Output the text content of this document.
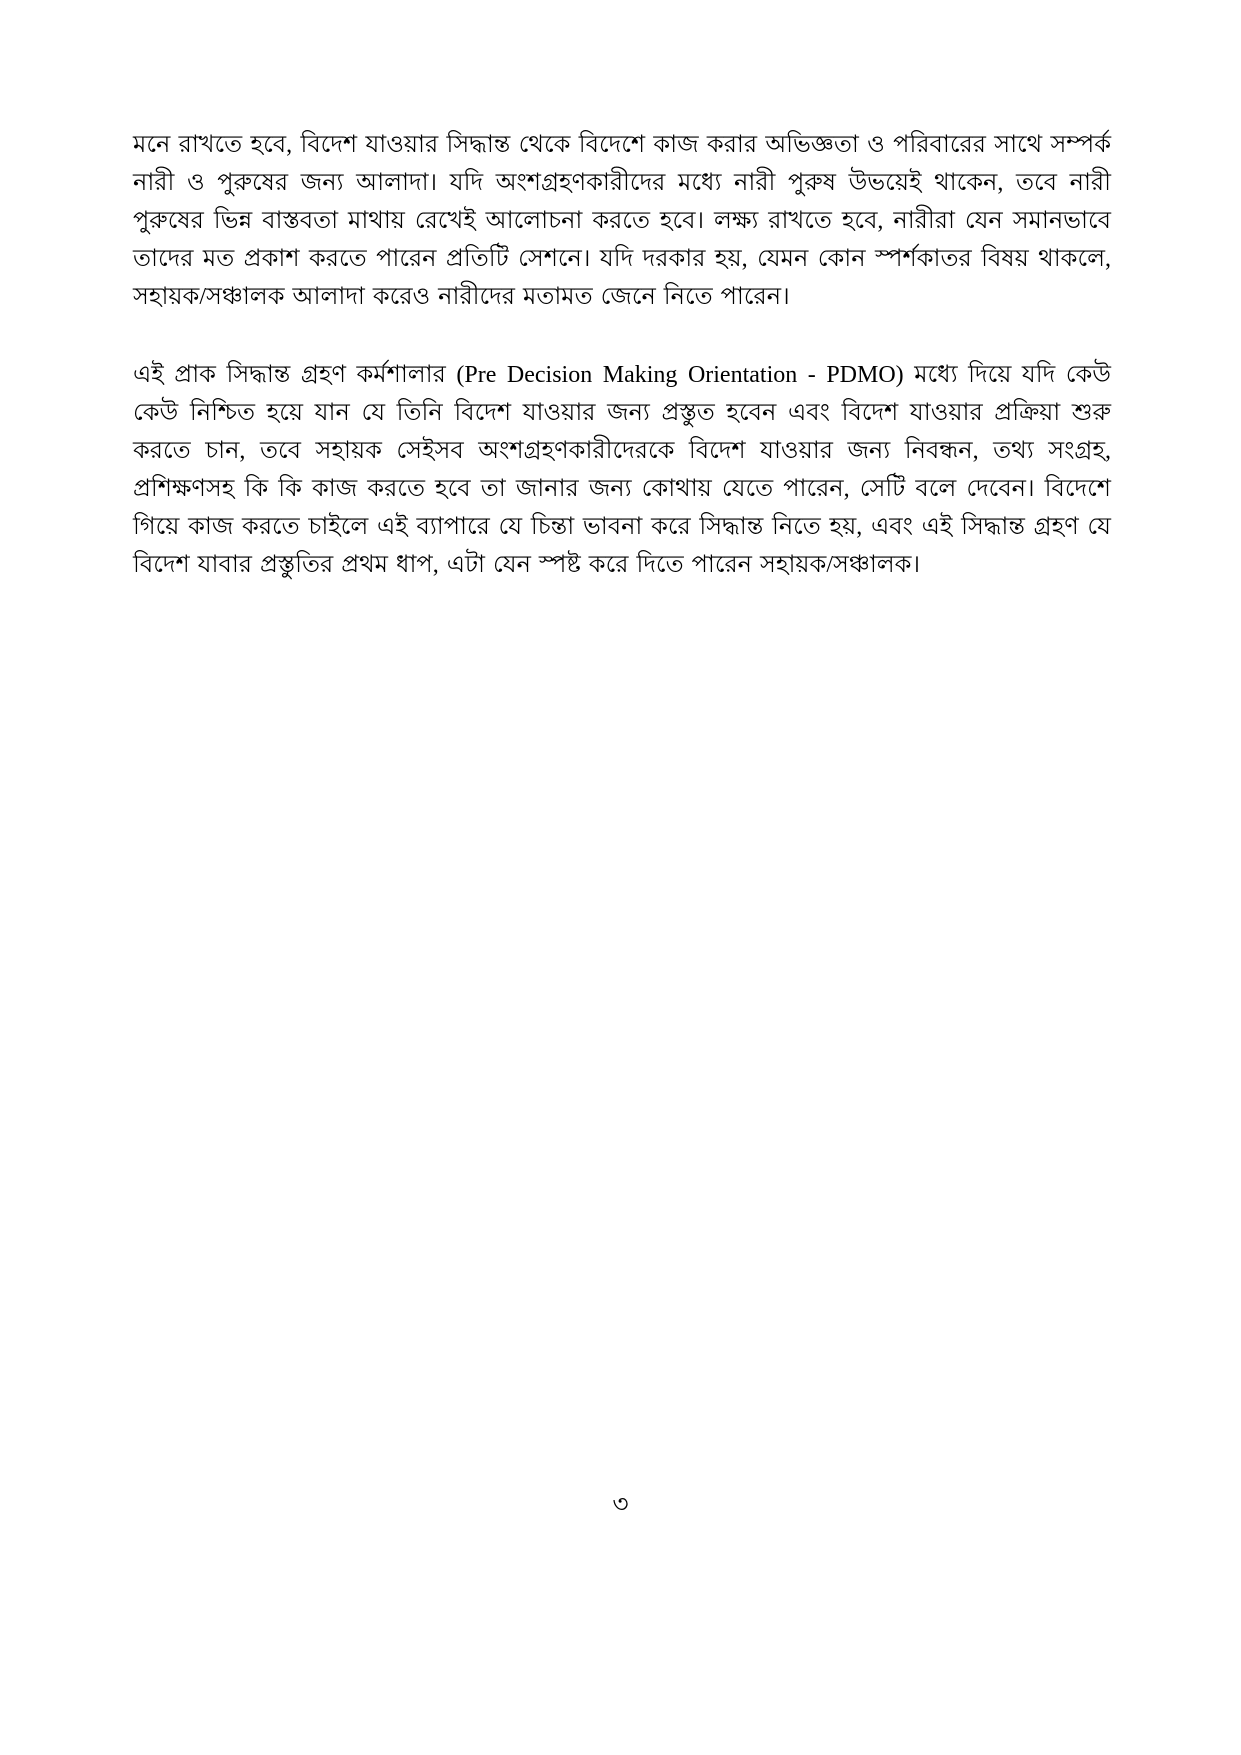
মনে রাখতে হবে, বিদেশ যাওয়ার সিদ্ধান্ত থেকে বিদেশে কাজ করার অভিজ্ঞতা ও পরিবারের সাথে সম্পর্ক নারী ও পুরুষের জন্য আলাদা। যদি অংশগ্রহণকারীদের মধ্যে নারী পুরুষ উভয়েই থাকেন, তবে নারী পুরুষের ভিন্ন বাস্তবতা মাথায় রেখেই আলোচনা করতে হবে। লক্ষ্য রাখতে হবে, নারীরা যেন সমানভাবে তাদের মত প্রকাশ করতে পারেন প্রতিটি সেশনে। যদি দরকার হয়, যেমন কোন স্পর্শকাতর বিষয় থাকলে, সহায়ক/সঞ্চালক আলাদা করেও নারীদের মতামত জেনে নিতে পারেন।

এই প্রাক সিদ্ধান্ত গ্রহণ কর্মশালার (Pre Decision Making Orientation - PDMO) মধ্যে দিয়ে যদি কেউ কেউ নিশ্চিত হয়ে যান যে তিনি বিদেশ যাওয়ার জন্য প্রস্তুত হবেন এবং বিদেশ যাওয়ার প্রক্রিয়া শুরু করতে চান, তবে সহায়ক সেইসব অংশগ্রহণকারীদেরকে বিদেশ যাওয়ার জন্য নিবন্ধন, তথ্য সংগ্রহ, প্রশিক্ষণসহ কি কি কাজ করতে হবে তা জানার জন্য কোথায় যেতে পারেন, সেটি বলে দেবেন। বিদেশে গিয়ে কাজ করতে চাইলে এই ব্যাপারে যে চিন্তা ভাবনা করে সিদ্ধান্ত নিতে হয়, এবং এই সিদ্ধান্ত গ্রহণ যে বিদেশ যাবার প্রস্তুতির প্রথম ধাপ, এটা যেন স্পষ্ট করে দিতে পারেন সহায়ক/সঞ্চালক।

৩
